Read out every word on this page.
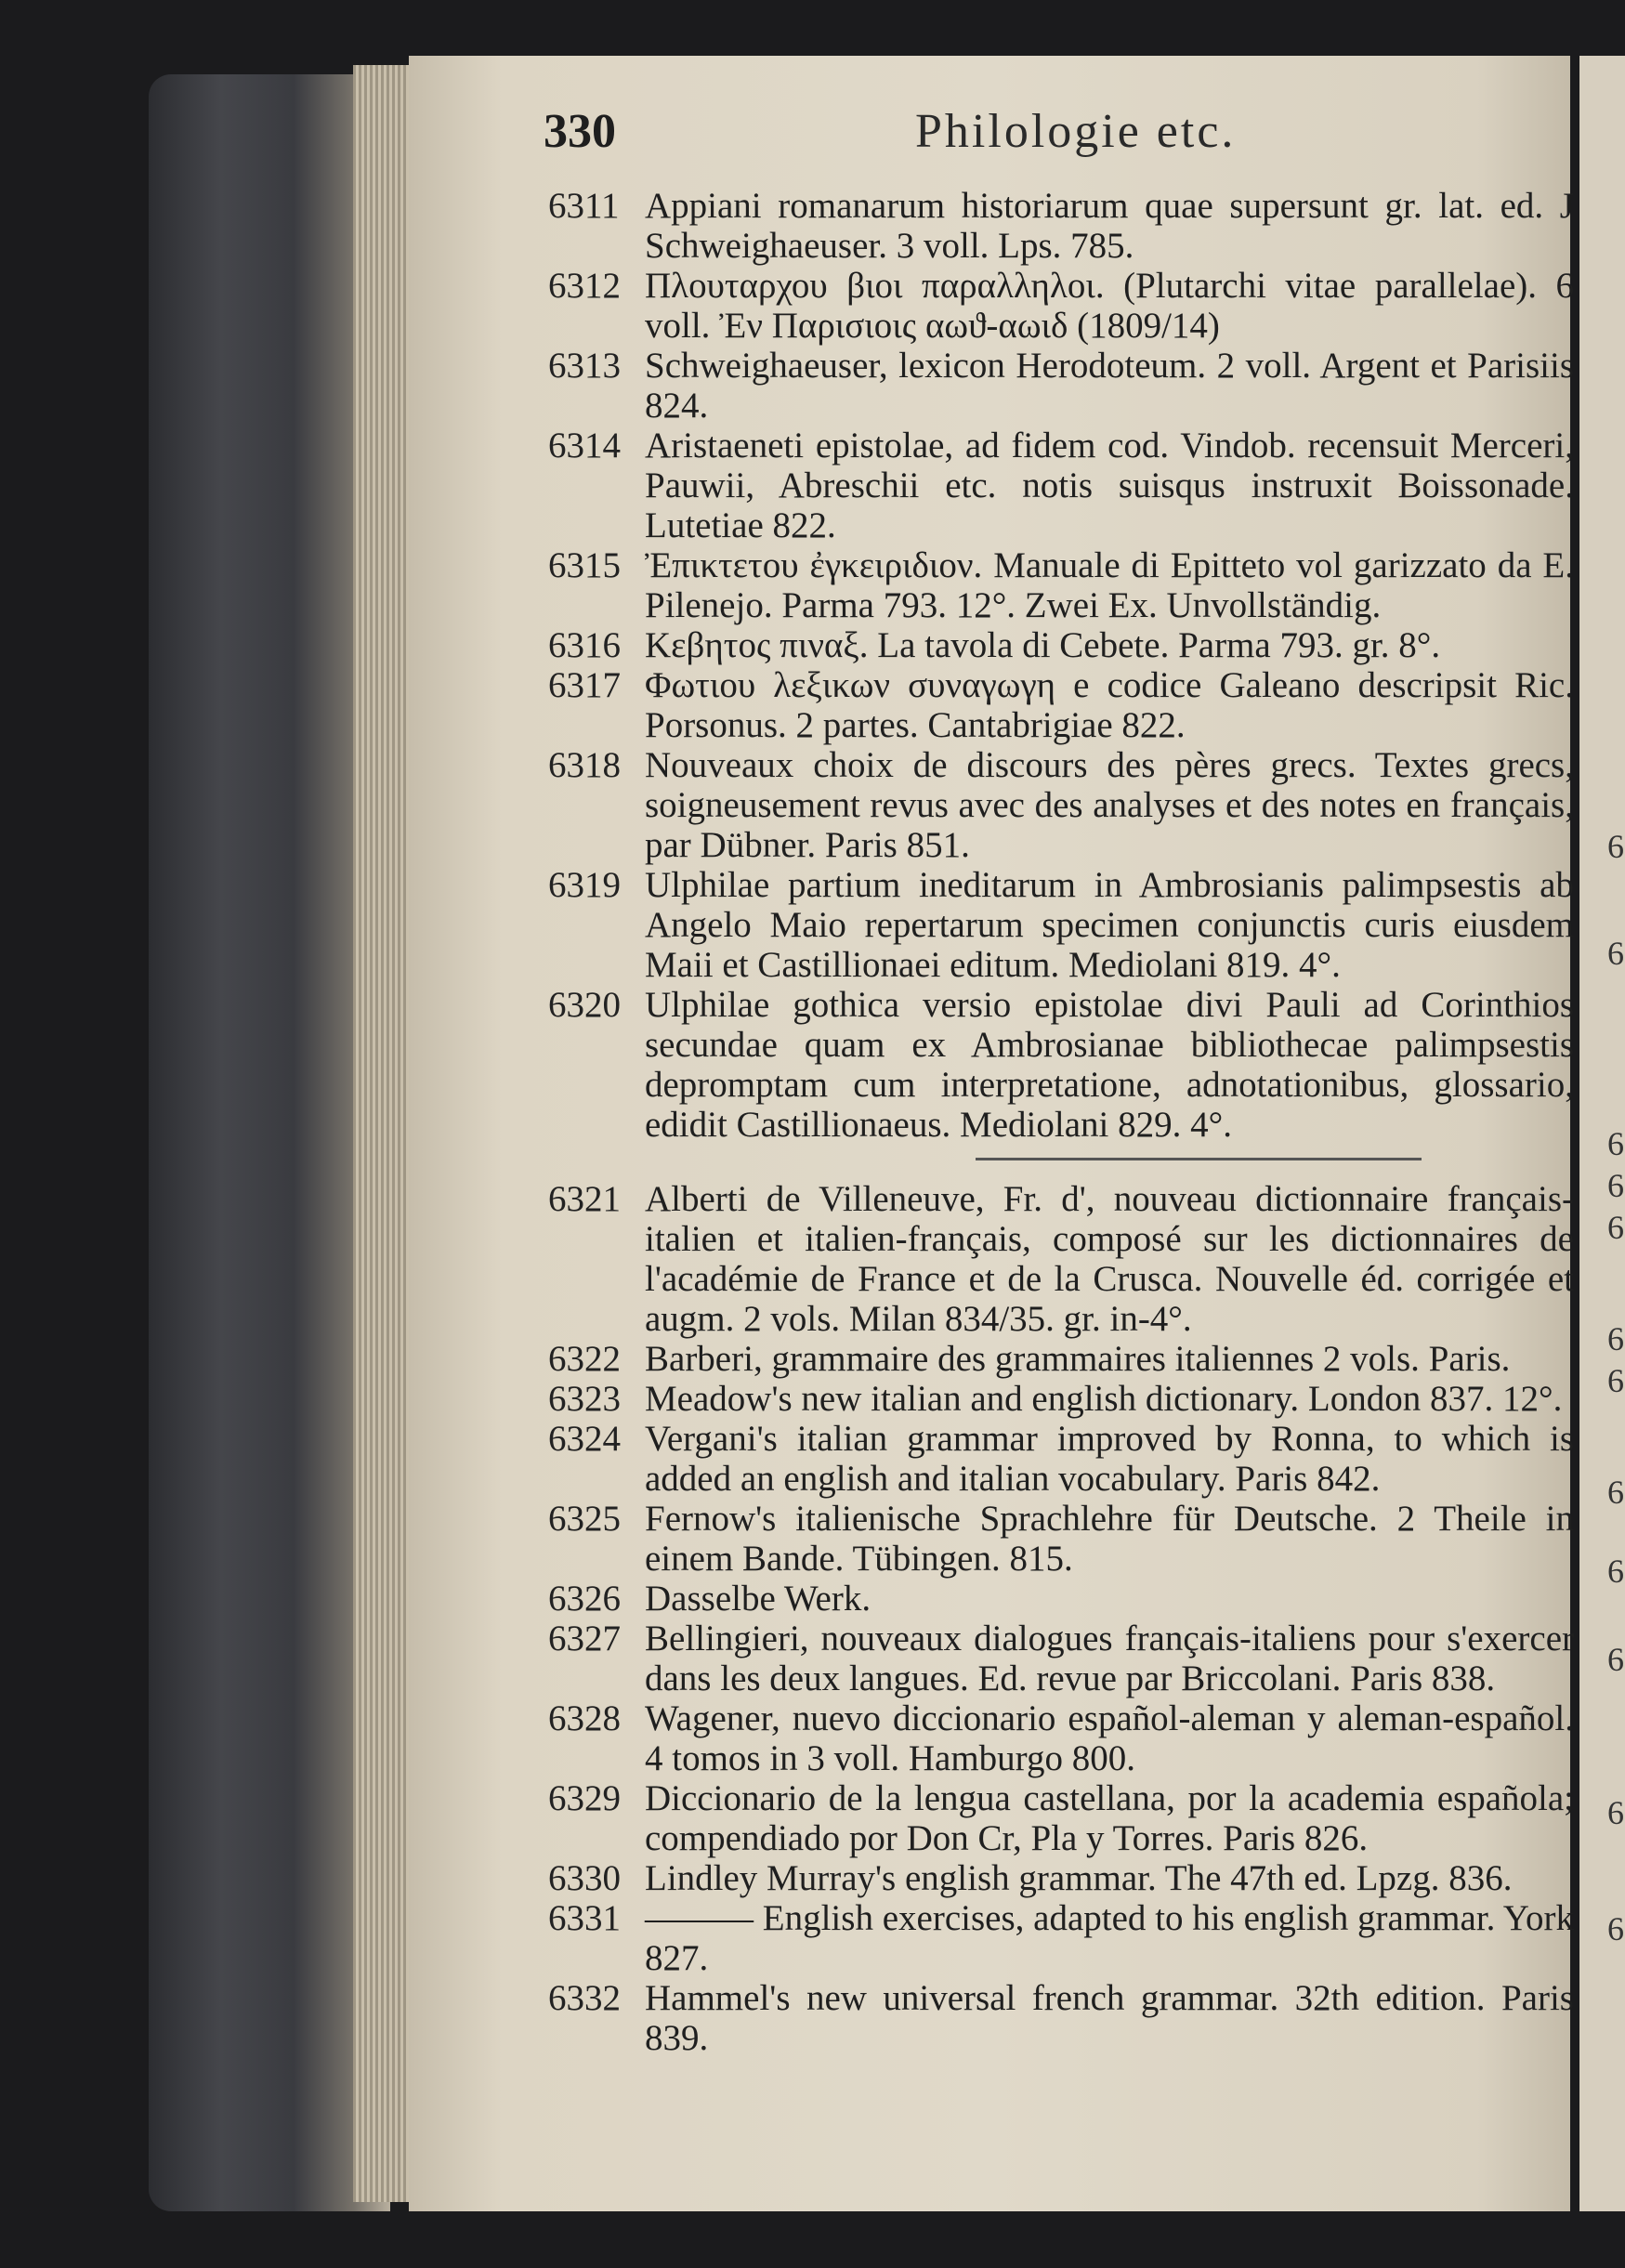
6
6
6
6
6
6
6
6
6
6
6
6
330	Philologie etc.
6311 Appiani romanarum historiarum quae supersunt gr. lat. ed. J Schweighaeuser. 3 voll. Lps. 785.
6312 Πλουταρχου βιοι παραλληλοι. (Plutarchi vitae parallelae). 6 voll. Ἐν Παρισιοις αωϑ-αωιδ (1809/14)
6313 Schweighaeuser, lexicon Herodoteum. 2 voll. Argent et Parisiis 824.
6314 Aristaeneti epistolae, ad fidem cod. Vindob. recensuit Merceri, Pauwii, Abreschii etc. notis suisqus instruxit Boissonade. Lutetiae 822.
6315 Ἐπικτετου ἐγκειριδιον. Manuale di Epitteto vol garizzato da E. Pilenejo. Parma 793. 12°. Zwei Ex. Unvollständig.
6316 Κεβητος πιναξ. La tavola di Cebete. Parma 793. gr. 8°.
6317 Φωτιου λεξικων συναγωγη e codice Galeano descripsit Ric. Porsonus. 2 partes. Cantabrigiae 822.
6318 Nouveaux choix de discours des pères grecs. Textes grecs, soigneusement revus avec des analyses et des notes en français, par Dübner. Paris 851.
6319 Ulphilae partium ineditarum in Ambrosianis palimpsestis ab Angelo Maio repertarum specimen conjunctis curis eiusdem Maii et Castillionaei editum. Mediolani 819. 4°.
6320 Ulphilae gothica versio epistolae divi Pauli ad Corinthios secundae quam ex Ambrosianae bibliothecae palimpsestis depromptam cum interpretatione, adnotationibus, glossario, edidit Castillionaeus. Mediolani 829. 4°.
6321 Alberti de Villeneuve, Fr. d', nouveau dictionnaire français-italien et italien-français, composé sur les dictionnaires de l'académie de France et de la Crusca. Nouvelle éd. corrigée et augm. 2 vols. Milan 834/35. gr. in-4°.
6322 Barberi, grammaire des grammaires italiennes 2 vols. Paris.
6323 Meadow's new italian and english dictionary. London 837. 12°.
6324 Vergani's italian grammar improved by Ronna, to which is added an english and italian vocabulary. Paris 842.
6325 Fernow's italienische Sprachlehre für Deutsche. 2 Theile in einem Bande. Tübingen. 815.
6326 Dasselbe Werk.
6327 Bellingieri, nouveaux dialogues français-italiens pour s'exercer dans les deux langues. Ed. revue par Briccolani. Paris 838.
6328 Wagener, nuevo diccionario español-aleman y aleman-español. 4 tomos in 3 voll. Hamburgo 800.
6329 Diccionario de la lengua castellana, por la academia española; compendiado por Don Cr, Pla y Torres. Paris 826.
6330 Lindley Murray's english grammar. The 47th ed. Lpzg. 836.
6331 ——— English exercises, adapted to his english grammar. York 827.
6332 Hammel's new universal french grammar. 32th edition. Paris 839.
